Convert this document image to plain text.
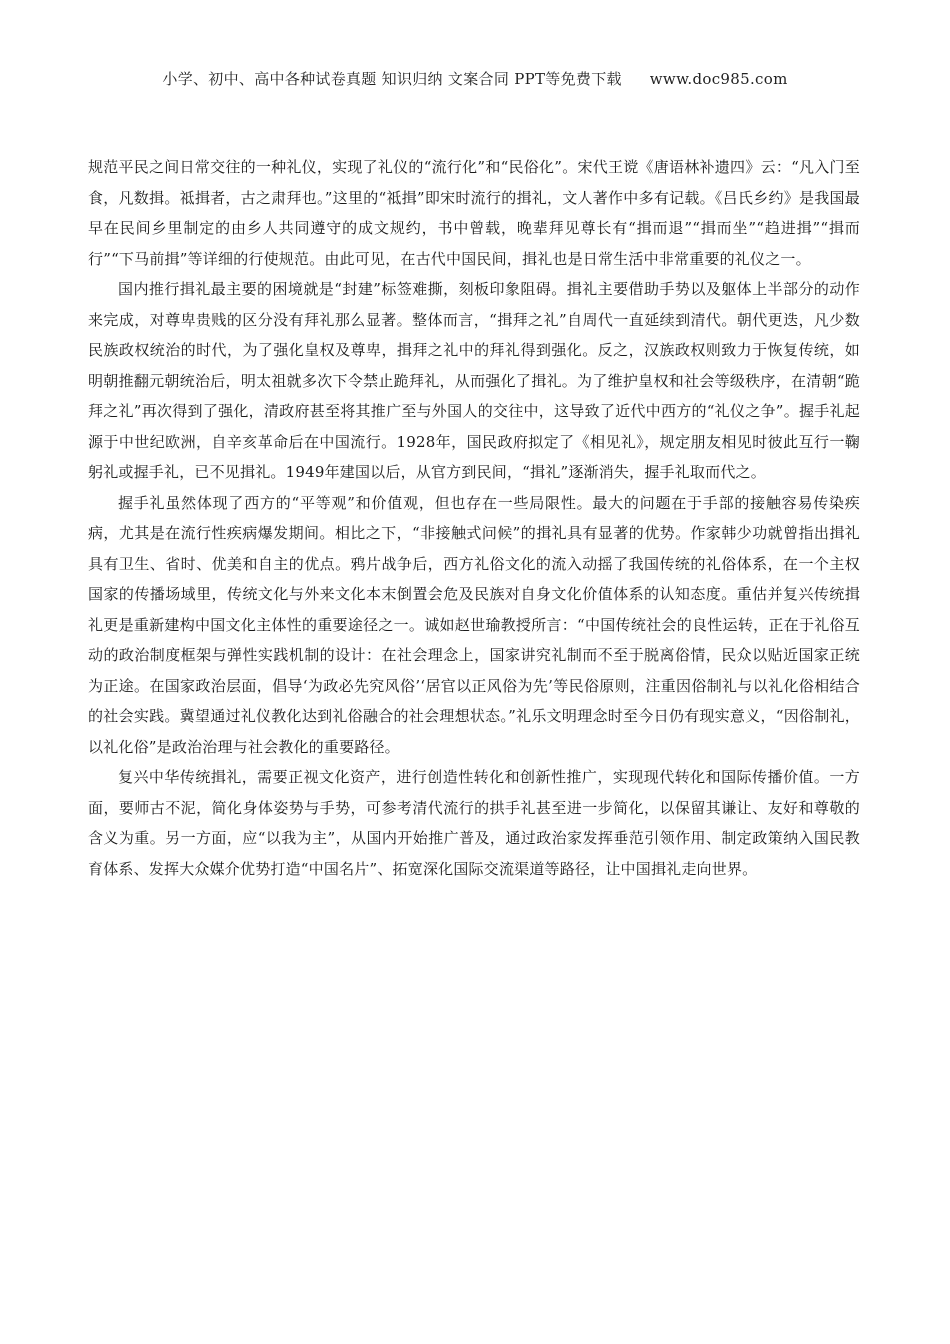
小学、初中、高中各种试卷真题 知识归纳 文案合同 PPT等免费下载 www.doc985.com

规范平民之间日常交往的一种礼仪，实现了礼仪的“流行化”和“民俗化”。宋代王谠《唐语林补遗四》云：“凡入门至食，凡数揖。祗揖者，古之肃拜也。”这里的“祗揖”即宋时流行的揖礼，文人著作中多有记载。《吕氏乡约》是我国最早在民间乡里制定的由乡人共同遵守的成文规约，书中曾载，晚辈拜见尊长有“揖而退”“揖而坐”“趋进揖”“揖而行”“下马前揖”等详细的行使规范。由此可见，在古代中国民间，揖礼也是日常生活中非常重要的礼仪之一。

国内推行揖礼最主要的困境就是“封建”标签难撕，刻板印象阻碍。揖礼主要借助手势以及躯体上半部分的动作来完成，对尊卑贵贱的区分没有拜礼那么显著。整体而言，“揖拜之礼”自周代一直延续到清代。朝代更迭，凡少数民族政权统治的时代，为了强化皇权及尊卑，揖拜之礼中的拜礼得到强化。反之，汉族政权则致力于恢复传统，如明朝推翻元朝统治后，明太祖就多次下令禁止跪拜礼，从而强化了揖礼。为了维护皇权和社会等级秩序，在清朝“跪拜之礼”再次得到了强化，清政府甚至将其推广至与外国人的交往中，这导致了近代中西方的“礼仪之争”。握手礼起源于中世纪欧洲，自辛亥革命后在中国流行。1928年，国民政府拟定了《相见礼》，规定朋友相见时彼此互行一鞠躬礼或握手礼，已不见揖礼。1949年建国以后，从官方到民间，“揖礼”逐渐消失，握手礼取而代之。

握手礼虽然体现了西方的“平等观”和价值观，但也存在一些局限性。最大的问题在于手部的接触容易传染疾病，尤其是在流行性疾病爆发期间。相比之下，“非接触式问候”的揖礼具有显著的优势。作家韩少功就曾指出揖礼具有卫生、省时、优美和自主的优点。鸦片战争后，西方礼俗文化的流入动摇了我国传统的礼俗体系，在一个主权国家的传播场域里，传统文化与外来文化本末倒置会危及民族对自身文化价值体系的认知态度。重估并复兴传统揖礼更是重新建构中国文化主体性的重要途径之一。诚如赵世瑜教授所言：“中国传统社会的良性运转，正在于礼俗互动的政治制度框架与弹性实践机制的设计：在社会理念上，国家讲究礼制而不至于脱离俗情，民众以贴近国家正统为正途。在国家政治层面，倡导‘为政必先究风俗’‘居官以正风俗为先’等民俗原则，注重因俗制礼与以礼化俗相结合的社会实践。冀望通过礼仪教化达到礼俗融合的社会理想状态。”礼乐文明理念时至今日仍有现实意义，“因俗制礼，以礼化俗”是政治治理与社会教化的重要路径。

复兴中华传统揖礼，需要正视文化资产，进行创造性转化和创新性推广，实现现代转化和国际传播价值。一方面，要师古不泥，简化身体姿势与手势，可参考清代流行的拱手礼甚至进一步简化，以保留其谦让、友好和尊敬的含义为重。另一方面，应“以我为主”，从国内开始推广普及，通过政治家发挥垂范引领作用、制定政策纳入国民教育体系、发挥大众媒介优势打造“中国名片”、拓宽深化国际交流渠道等路径，让中国揖礼走向世界。
